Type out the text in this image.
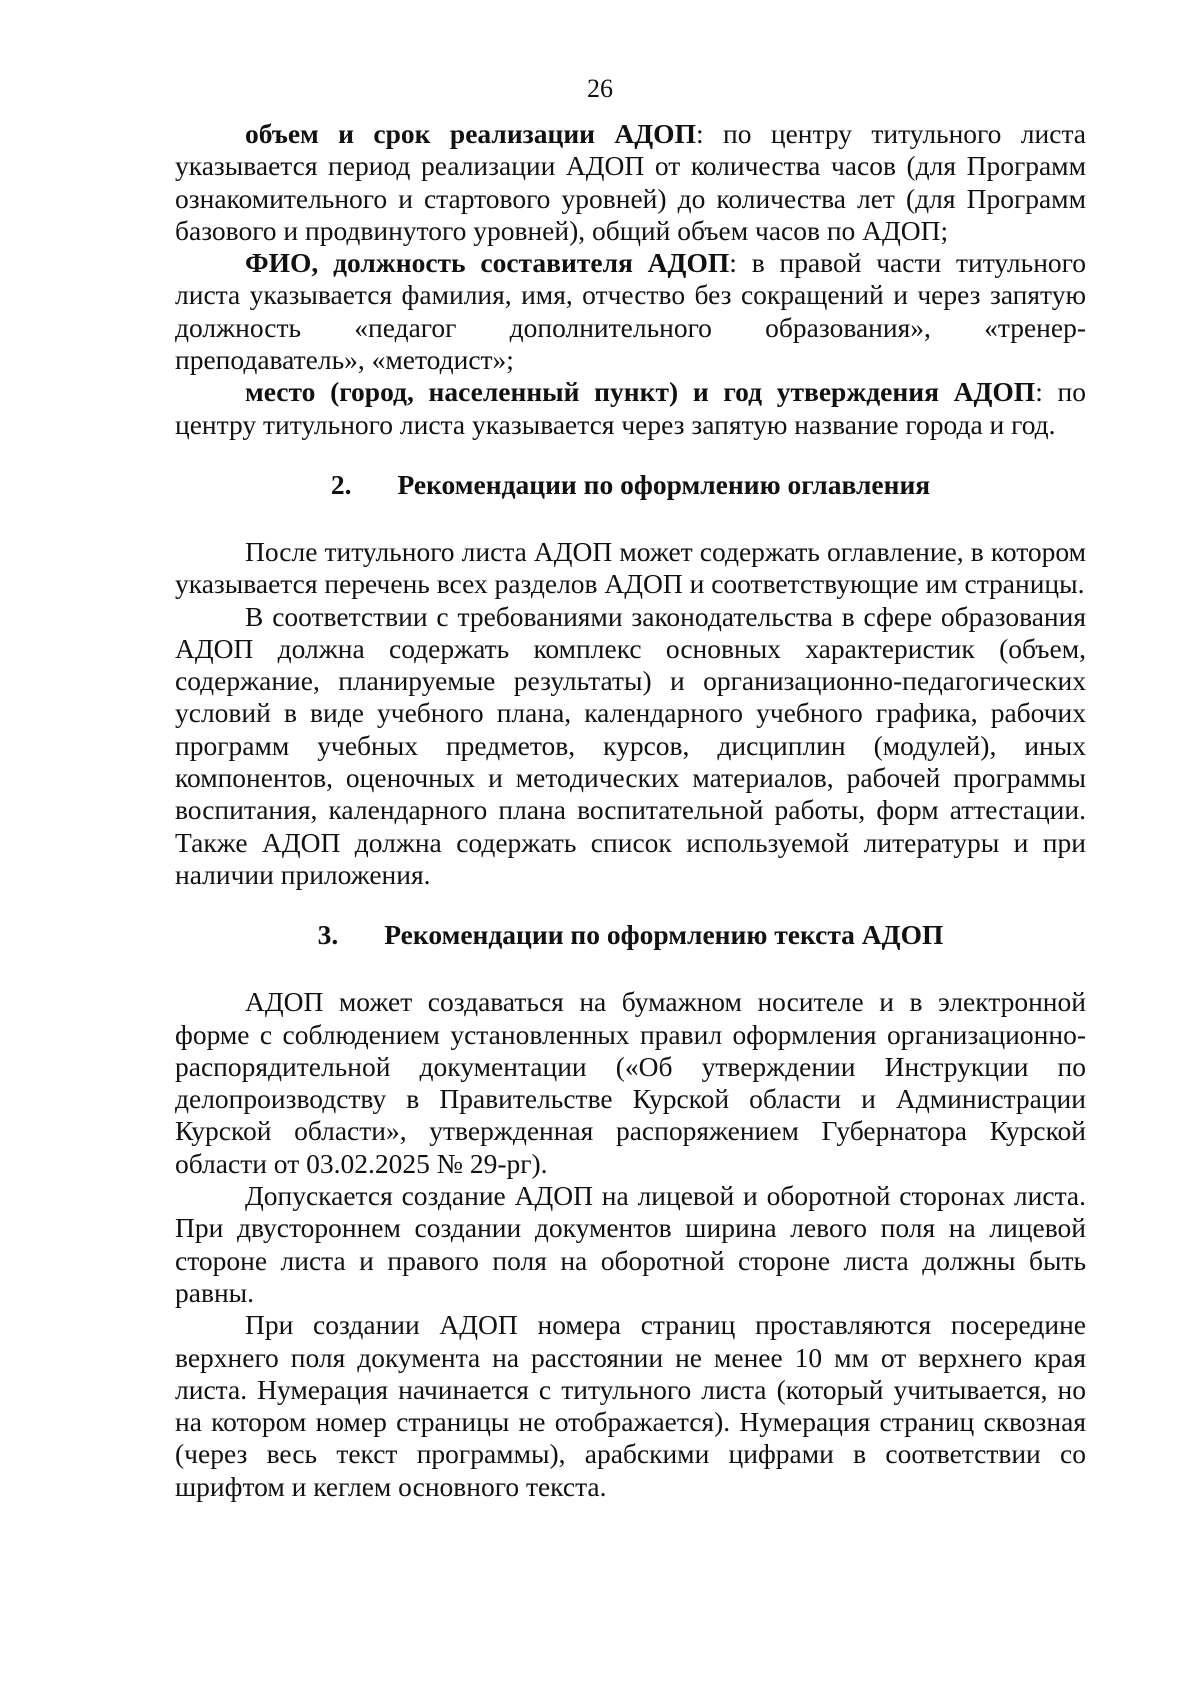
26

объем и срок реализации АДОП: по центру титульного листа указывается период реализации АДОП от количества часов (для Программ ознакомительного и стартового уровней) до количества лет (для Программ базового и продвинутого уровней), общий объем часов по АДОП;

ФИО, должность составителя АДОП: в правой части титульного листа указывается фамилия, имя, отчество без сокращений и через запятую должность «педагог дополнительного образования», «тренер-преподаватель», «методист»;

место (город, населенный пункт) и год утверждения АДОП: по центру титульного листа указывается через запятую название города и год.

2. Рекомендации по оформлению оглавления

После титульного листа АДОП может содержать оглавление, в котором указывается перечень всех разделов АДОП и соответствующие им страницы.

В соответствии с требованиями законодательства в сфере образования АДОП должна содержать комплекс основных характеристик (объем, содержание, планируемые результаты) и организационно-педагогических условий в виде учебного плана, календарного учебного графика, рабочих программ учебных предметов, курсов, дисциплин (модулей), иных компонентов, оценочных и методических материалов, рабочей программы воспитания, календарного плана воспитательной работы, форм аттестации. Также АДОП должна содержать список используемой литературы и при наличии приложения.

3. Рекомендации по оформлению текста АДОП

АДОП может создаваться на бумажном носителе и в электронной форме с соблюдением установленных правил оформления организационно-распорядительной документации («Об утверждении Инструкции по делопроизводству в Правительстве Курской области и Администрации Курской области», утвержденная распоряжением Губернатора Курской области от 03.02.2025 № 29-рг).

Допускается создание АДОП на лицевой и оборотной сторонах листа. При двустороннем создании документов ширина левого поля на лицевой стороне листа и правого поля на оборотной стороне листа должны быть равны.

При создании АДОП номера страниц проставляются посередине верхнего поля документа на расстоянии не менее 10 мм от верхнего края листа. Нумерация начинается с титульного листа (который учитывается, но на котором номер страницы не отображается). Нумерация страниц сквозная (через весь текст программы), арабскими цифрами в соответствии со шрифтом и кеглем основного текста.
